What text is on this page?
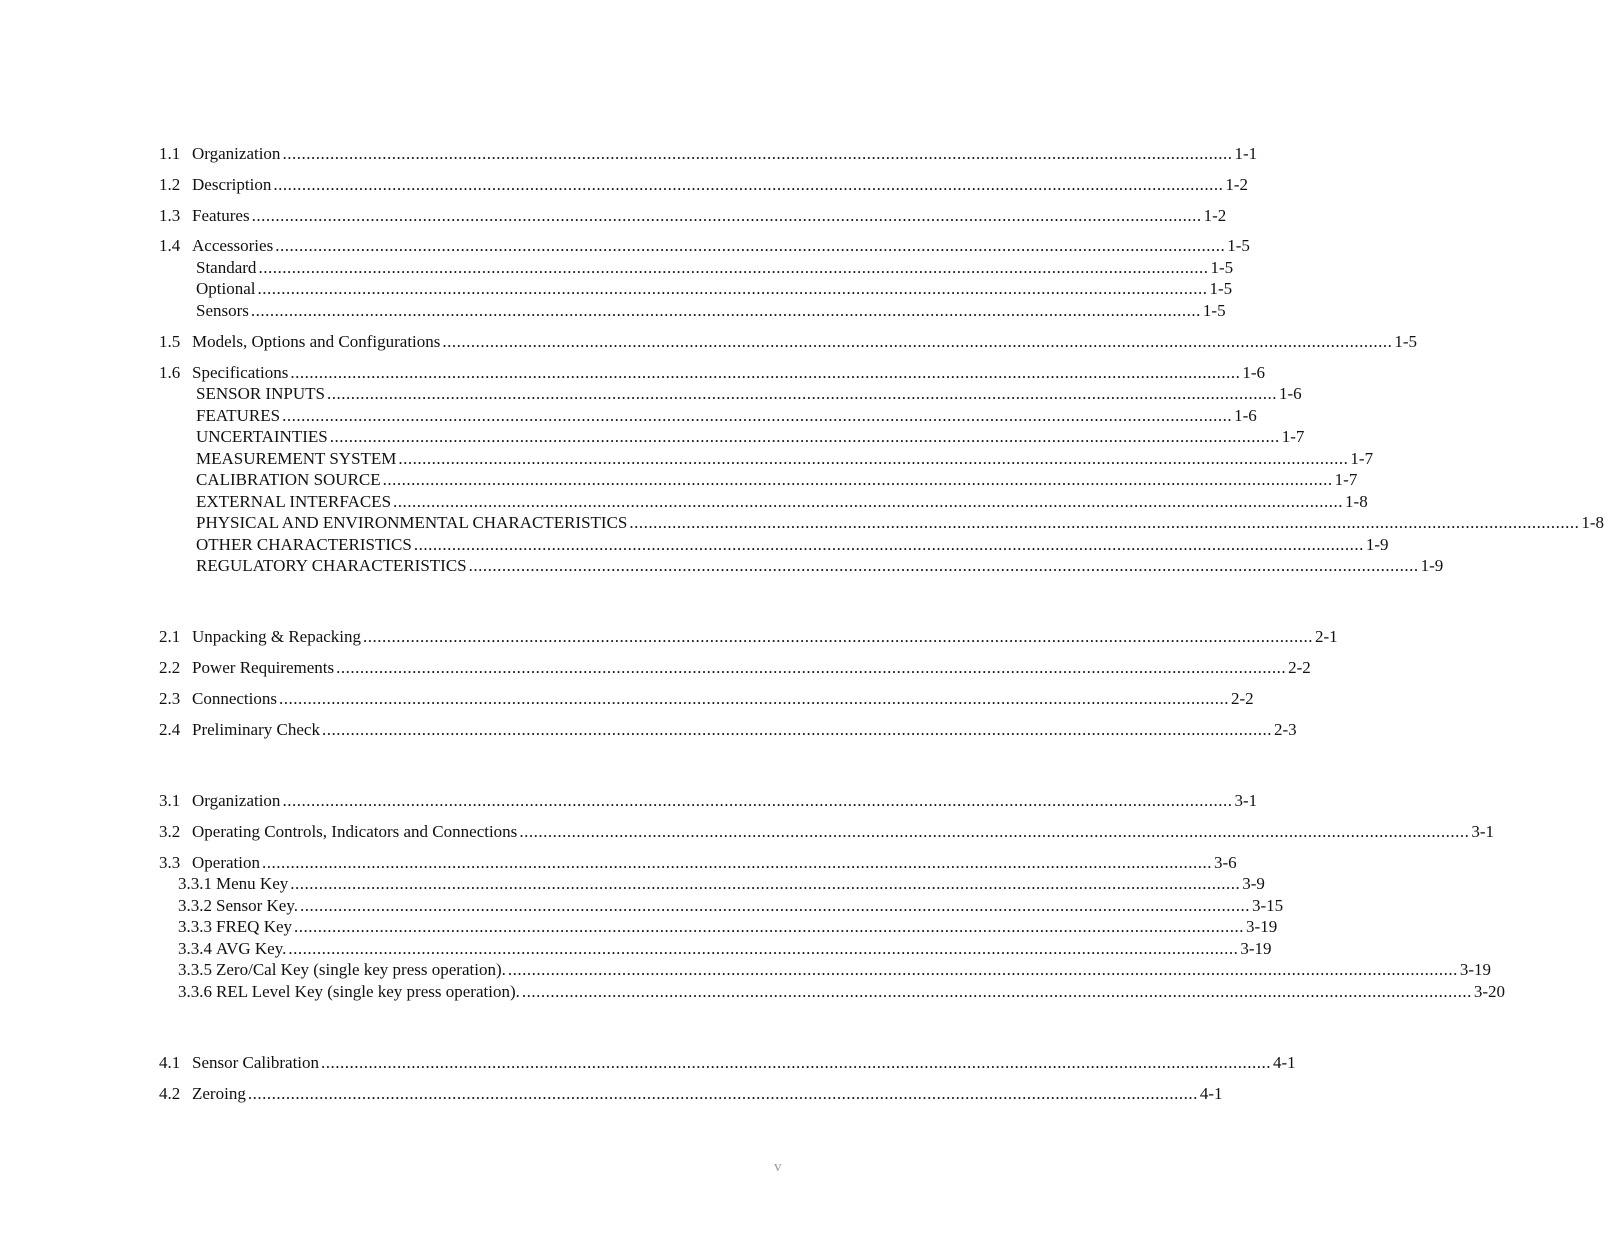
1.1 Organization ........................................................................................................................................................................................................ 1-1
1.2 Description ........................................................................................................................................................................................................ 1-2
1.3 Features ........................................................................................................................................................................................................ 1-2
1.4 Accessories ........................................................................................................................................................................................................ 1-5
Standard ........................................................................................................................................................................................................ 1-5
Optional ........................................................................................................................................................................................................ 1-5
Sensors ........................................................................................................................................................................................................ 1-5
1.5 Models, Options and Configurations ........................................................................................................................................................................................................ 1-5
1.6 Specifications ........................................................................................................................................................................................................ 1-6
SENSOR INPUTS ........................................................................................................................................................................................................ 1-6
FEATURES ........................................................................................................................................................................................................ 1-6
UNCERTAINTIES ........................................................................................................................................................................................................ 1-7
MEASUREMENT SYSTEM ........................................................................................................................................................................................................ 1-7
CALIBRATION SOURCE ........................................................................................................................................................................................................ 1-7
EXTERNAL INTERFACES ........................................................................................................................................................................................................ 1-8
PHYSICAL AND ENVIRONMENTAL CHARACTERISTICS ........................................................................................................................................................................................................ 1-8
OTHER CHARACTERISTICS ........................................................................................................................................................................................................ 1-9
REGULATORY CHARACTERISTICS ........................................................................................................................................................................................................ 1-9
2.1 Unpacking & Repacking ........................................................................................................................................................................................................ 2-1
2.2 Power Requirements ........................................................................................................................................................................................................ 2-2
2.3 Connections ........................................................................................................................................................................................................ 2-2
2.4 Preliminary Check ........................................................................................................................................................................................................ 2-3
3.1 Organization ........................................................................................................................................................................................................ 3-1
3.2 Operating Controls, Indicators and Connections ........................................................................................................................................................................................................ 3-1
3.3 Operation ........................................................................................................................................................................................................ 3-6
3.3.1 Menu Key ........................................................................................................................................................................................................ 3-9
3.3.2 Sensor Key. ........................................................................................................................................................................................................ 3-15
3.3.3 FREQ Key ........................................................................................................................................................................................................ 3-19
3.3.4 AVG Key. ........................................................................................................................................................................................................ 3-19
3.3.5 Zero/Cal Key (single key press operation). ........................................................................................................................................................................................................ 3-19
3.3.6 REL Level Key (single key press operation). ........................................................................................................................................................................................................ 3-20
4.1 Sensor Calibration ........................................................................................................................................................................................................ 4-1
4.2 Zeroing ........................................................................................................................................................................................................ 4-1
v
